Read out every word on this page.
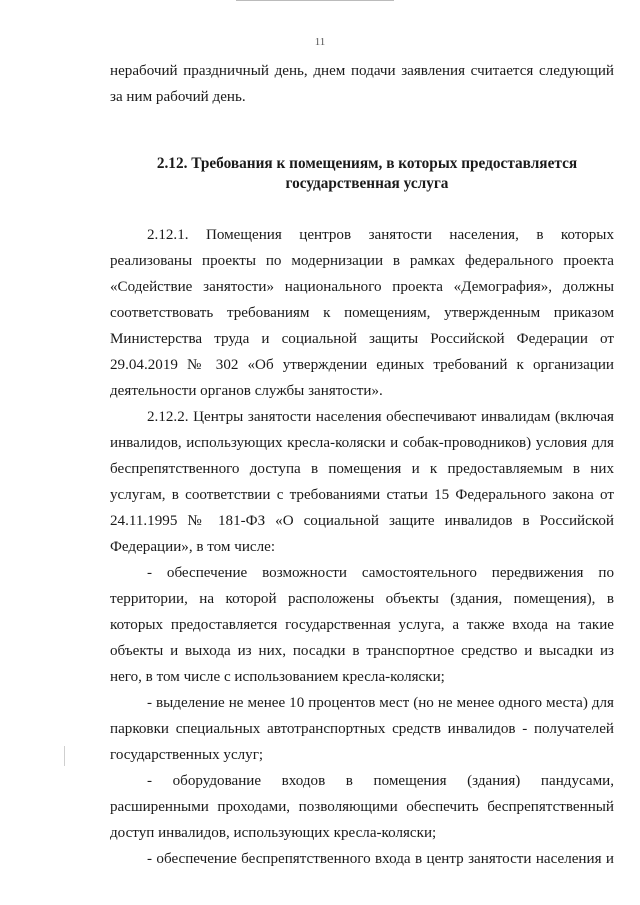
11

нерабочий праздничный день, днем подачи заявления считается следующий за ним рабочий день.

2.12. Требования к помещениям, в которых предоставляется государственная услуга

2.12.1. Помещения центров занятости населения, в которых реализованы проекты по модернизации в рамках федерального проекта «Содействие занятости» национального проекта «Демография», должны соответствовать требованиям к помещениям, утвержденным приказом Министерства труда и социальной защиты Российской Федерации от 29.04.2019 № 302 «Об утверждении единых требований к организации деятельности органов службы занятости».

2.12.2. Центры занятости населения обеспечивают инвалидам (включая инвалидов, использующих кресла-коляски и собак-проводников) условия для беспрепятственного доступа в помещения и к предоставляемым в них услугам, в соответствии с требованиями статьи 15 Федерального закона от 24.11.1995 № 181-ФЗ «О социальной защите инвалидов в Российской Федерации», в том числе:

- обеспечение возможности самостоятельного передвижения по территории, на которой расположены объекты (здания, помещения), в которых предоставляется государственная услуга, а также входа на такие объекты и выхода из них, посадки в транспортное средство и высадки из него, в том числе с использованием кресла-коляски;

- выделение не менее 10 процентов мест (но не менее одного места) для парковки специальных автотранспортных средств инвалидов - получателей государственных услуг;

- оборудование входов в помещения (здания) пандусами, расширенными проходами, позволяющими обеспечить беспрепятственный доступ инвалидов, использующих кресла-коляски;

- обеспечение беспрепятственного входа в центр занятости населения и
